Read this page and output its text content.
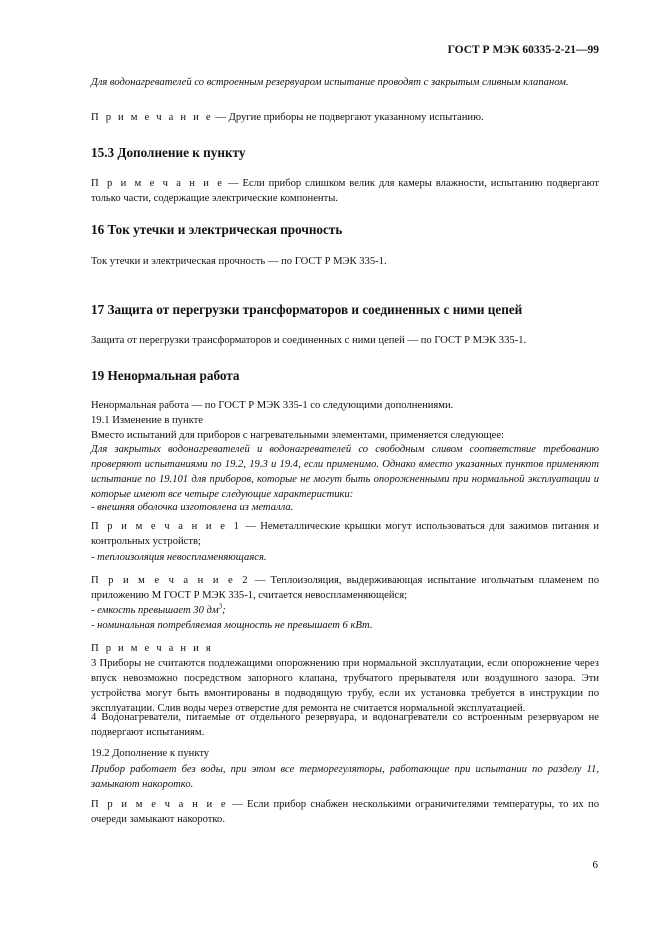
ГОСТ Р МЭК 60335-2-21—99

Для водонагревателей со встроенным резервуаром испытание проводят с закрытым сливным клапаном.

П р и м е ч а н и е — Другие приборы не подвергают указанному испытанию.

15.3 Дополнение к пункту

П р и м е ч а н и е — Если прибор слишком велик для камеры влажности, испытанию подвергают только части, содержащие электрические компоненты.

16 Ток утечки и электрическая прочность

Ток утечки и электрическая прочность — по ГОСТ Р МЭК 335-1.

17 Защита от перегрузки трансформаторов и соединенных с ними цепей

Защита от перегрузки трансформаторов и соединенных с ними цепей — по ГОСТ Р МЭК 335-1.

19 Ненормальная работа

Ненормальная работа — по ГОСТ Р МЭК 335-1 со следующими дополнениями.

19.1 Изменение в пункте

Вместо испытаний для приборов с нагревательными элементами, применяется следующее:

Для закрытых водонагревателей и водонагревателей со свободным сливом соответствие требованию проверяют испытаниями по 19.2, 19.3 и 19.4, если применимо. Однако вместо указанных пунктов применяют испытание по 19.101 для приборов, которые не могут быть опорожненными при нормальной эксплуатации и которые имеют все четыре следующие характеристики:

- внешняя оболочка изготовлена из металла.

П р и м е ч а н и е 1 — Неметаллические крышки могут использоваться для зажимов питания и контрольных устройств;

- теплоизоляция невоспламеняющаяся.

П р и м е ч а н и е 2 — Теплоизоляция, выдерживающая испытание игольчатым пламенем по приложению М ГОСТ Р МЭК 335-1, считается невоспламеняющейся;

- емкость превышает 30 $дм^3$;

- номинальная потребляемая мощность не превышает 6 кВт.

П р и м е ч а н и я

3 Приборы не считаются подлежащими опорожнению при нормальной эксплуатации, если опорожнение через впуск невозможно посредством запорного клапана, трубчатого прерывателя или воздушного зазора. Эти устройства могут быть вмонтированы в подводящую трубу, если их установка требуется в инструкции по эксплуатации. Слив воды через отверстие для ремонта не считается нормальной эксплуатацией.

4 Водонагреватели, питаемые от отдельного резервуара, и водонагреватели со встроенным резервуаром не подвергают испытаниям.

19.2 Дополнение к пункту

Прибор работает без воды, при этом все терморегуляторы, работающие при испытании по разделу 11, замыкают накоротко.

П р и м е ч а н и е — Если прибор снабжен несколькими ограничителями температуры, то их по очереди замыкают накоротко.

6
